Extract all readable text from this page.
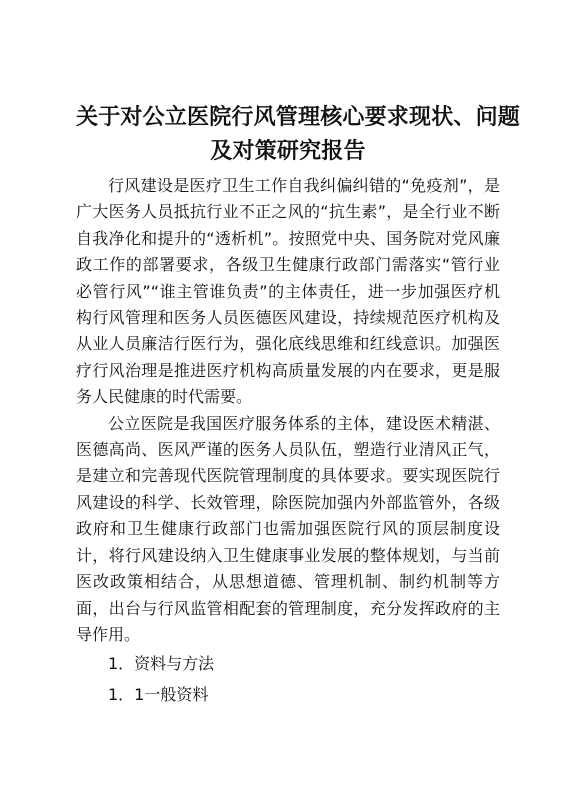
关于对公立医院行风管理核心要求现状、问题
及对策研究报告

行风建设是医疗卫生工作自我纠偏纠错的“免疫剂”，是广大医务人员抵抗行业不正之风的“抗生素”，是全行业不断自我净化和提升的“透析机”。按照党中央、国务院对党风廉政工作的部署要求，各级卫生健康行政部门需落实“管行业必管行风”“谁主管谁负责”的主体责任，进一步加强医疗机构行风管理和医务人员医德医风建设，持续规范医疗机构及从业人员廉洁行医行为，强化底线思维和红线意识。加强医疗行风治理是推进医疗机构高质量发展的内在要求，更是服务人民健康的时代需要。

公立医院是我国医疗服务体系的主体，建设医术精湛、医德高尚、医风严谨的医务人员队伍，塑造行业清风正气，是建立和完善现代医院管理制度的具体要求。要实现医院行风建设的科学、长效管理，除医院加强内外部监管外，各级政府和卫生健康行政部门也需加强医院行风的顶层制度设计，将行风建设纳入卫生健康事业发展的整体规划，与当前医改政策相结合，从思想道德、管理机制、制约机制等方面，出台与行风监管相配套的管理制度，充分发挥政府的主导作用。

1．资料与方法

1．1一般资料
